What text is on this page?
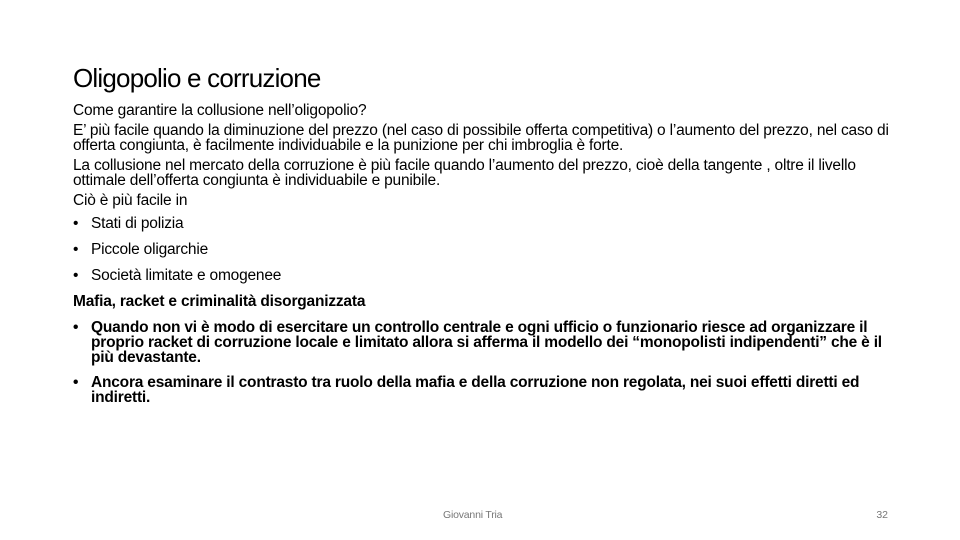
Oligopolio e corruzione

Come garantire la collusione nell’oligopolio?

E’ più facile quando la diminuzione del prezzo (nel caso di possibile offerta competitiva) o l’aumento del prezzo, nel caso di offerta congiunta, è facilmente individuabile e la punizione per chi imbroglia è forte.

La collusione nel mercato della corruzione è più facile quando l’aumento del prezzo, cioè della tangente , oltre il livello ottimale dell’offerta congiunta è individuabile e punibile.

Ciò è più facile in

• Stati di polizia
• Piccole oligarchie
• Società limitate e omogenee

Mafia, racket e criminalità disorganizzata

• Quando non vi è modo di esercitare un controllo centrale e ogni ufficio o funzionario riesce ad organizzare il proprio racket di corruzione locale e limitato allora si afferma il modello dei “monopolisti indipendenti” che è il più devastante.
• Ancora esaminare il contrasto tra ruolo della mafia e della corruzione non regolata, nei suoi effetti diretti ed indiretti.
Giovanni Tria	32
